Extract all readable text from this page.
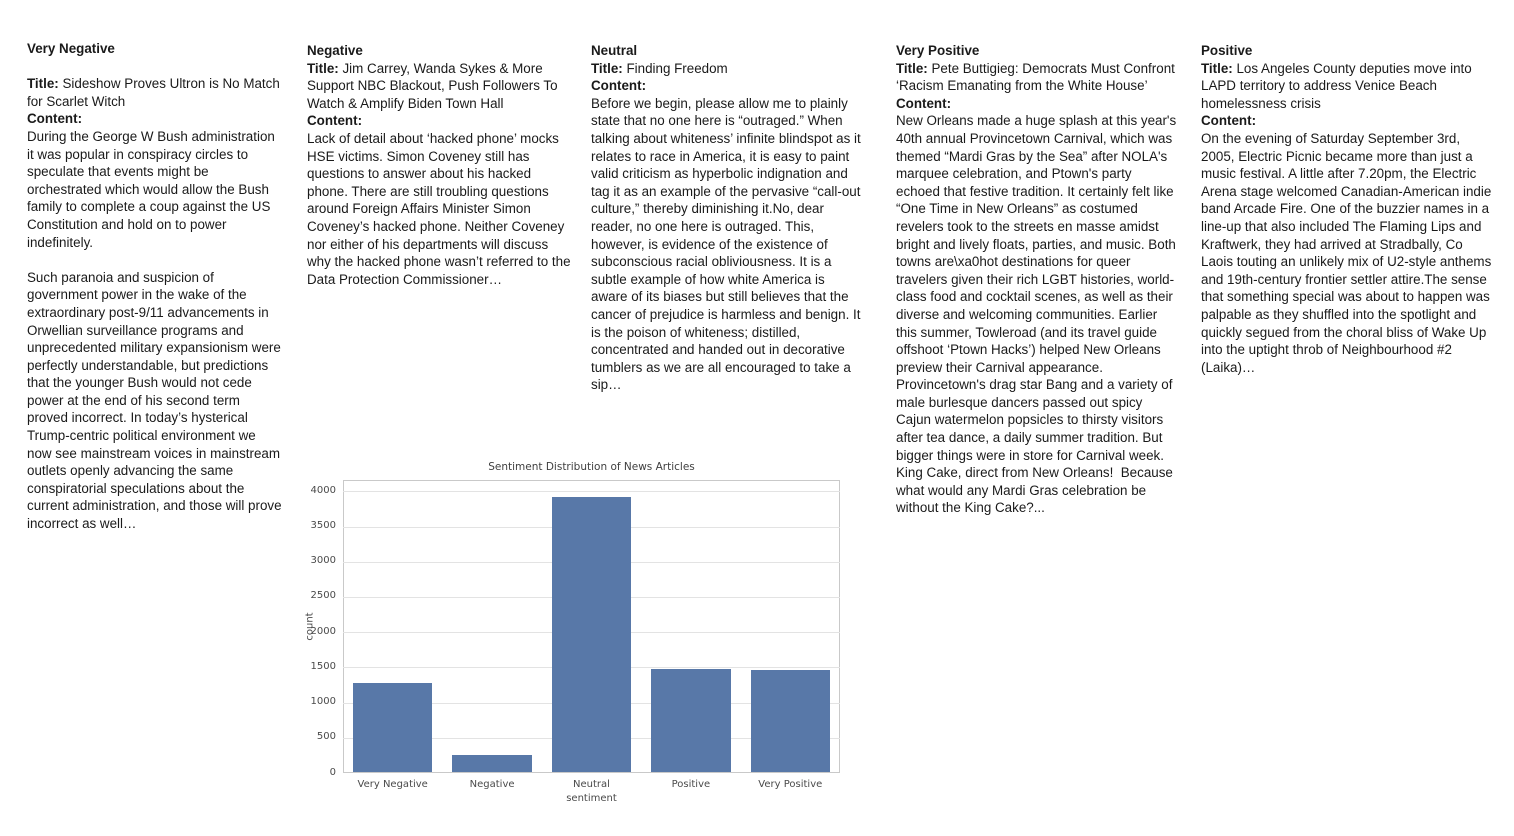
Very Negative

Title: Sideshow Proves Ultron is No Match for Scarlet Witch

Content:

During the George W Bush administration it was popular in conspiracy circles to speculate that events might be orchestrated which would allow the Bush family to complete a coup against the US Constitution and hold on to power indefinitely.

Such paranoia and suspicion of government power in the wake of the extraordinary post-9/11 advancements in Orwellian surveillance programs and unprecedented military expansionism were perfectly understandable, but predictions that the younger Bush would not cede power at the end of his second term proved incorrect. In today’s hysterical Trump-centric political environment we now see mainstream voices in mainstream outlets openly advancing the same conspiratorial speculations about the current administration, and those will prove incorrect as well…

Negative

Title: Jim Carrey, Wanda Sykes & More Support NBC Blackout, Push Followers To Watch & Amplify Biden Town Hall

Content:

Lack of detail about ‘hacked phone’ mocks HSE victims. Simon Coveney still has questions to answer about his hacked phone. There are still troubling questions around Foreign Affairs Minister Simon Coveney’s hacked phone. Neither Coveney nor either of his departments will discuss why the hacked phone wasn’t referred to the Data Protection Commissioner…

Neutral

Title: Finding Freedom

Content:

Before we begin, please allow me to plainly state that no one here is “outraged.” When talking about whiteness’ infinite blindspot as it relates to race in America, it is easy to paint valid criticism as hyperbolic indignation and tag it as an example of the pervasive “call-out culture,” thereby diminishing it.No, dear reader, no one here is outraged. This, however, is evidence of the existence of subconscious racial obliviousness. It is a subtle example of how white America is aware of its biases but still believes that the cancer of prejudice is harmless and benign. It is the poison of whiteness; distilled, concentrated and handed out in decorative tumblers as we are all encouraged to take a sip…

Very Positive

Title: Pete Buttigieg: Democrats Must Confront ‘Racism Emanating from the White House’

Content:

New Orleans made a huge splash at this year's 40th annual Provincetown Carnival, which was themed “Mardi Gras by the Sea” after NOLA's marquee celebration, and Ptown's party echoed that festive tradition. It certainly felt like “One Time in New Orleans” as costumed revelers took to the streets en masse amidst bright and lively floats, parties, and music. Both towns are\xa0hot destinations for queer travelers given their rich LGBT histories, world-class food and cocktail scenes, as well as their diverse and welcoming communities. Earlier this summer, Towleroad (and its travel guide offshoot ‘Ptown Hacks’) helped New Orleans preview their Carnival appearance. Provincetown's drag star Bang and a variety of male burlesque dancers passed out spicy Cajun watermelon popsicles to thirsty visitors after tea dance, a daily summer tradition. But bigger things were in store for Carnival week. King Cake, direct from New Orleans!  Because what would any Mardi Gras celebration be without the King Cake?...

Positive

Title: Los Angeles County deputies move into LAPD territory to address Venice Beach homelessness crisis

Content:

On the evening of Saturday September 3rd, 2005, Electric Picnic became more than just a music festival. A little after 7.20pm, the Electric Arena stage welcomed Canadian-American indie band Arcade Fire. One of the buzzier names in a line-up that also included The Flaming Lips and Kraftwerk, they had arrived at Stradbally, Co Laois touting an unlikely mix of U2-style anthems and 19th-century frontier settler attire.The sense that something special was about to happen was palpable as they shuffled into the spotlight and quickly segued from the choral bliss of Wake Up into the uptight throb of Neighbourhood #2 (Laika)…

Sentiment Distribution of News Articles
count
sentiment
0
500
1000
1500
2000
2500
3000
3500
4000
Very Negative	Negative	Neutral	Positive	Very Positive
